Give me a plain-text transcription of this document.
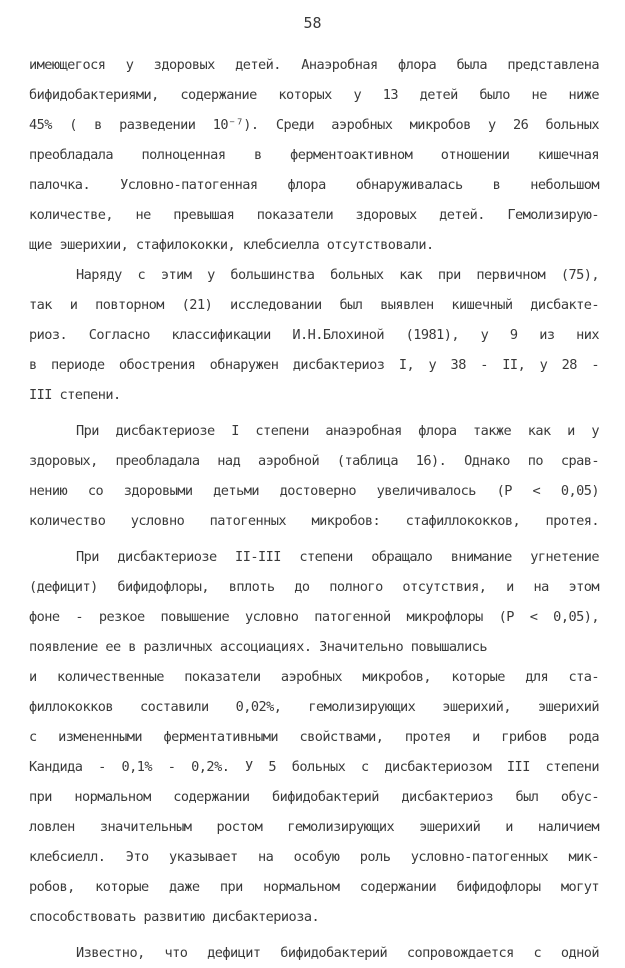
58
имеющегося у здоровых детей. Анаэробная флора была представлена
бифидобактериями, содержание которых у 13 детей было не ниже
45% ( в разведении 10⁻⁷). Среди аэробных микробов у 26 больных
преобладала полноценная в ферментоактивном отношении кишечная
палочка. Условно-патогенная флора обнаруживалась в небольшом
количестве, не превышая показатели здоровых детей. Гемолизирую-
щие эшерихии, стафилококки, клебсиелла отсутствовали.
Наряду с этим у большинства больных как при первичном (75),
так и повторном (21) исследовании был выявлен кишечный дисбакте-
риоз. Согласно классификации И.Н.Блохиной (1981), у 9 из них
в периоде обострения обнаружен дисбактериоз I, у 38 - II, у 28 -
III степени.
При дисбактериозе I степени анаэробная флора также как и у
здоровых, преобладала над аэробной (таблица 16). Однако по срав-
нению со здоровыми детьми достоверно увеличивалось (Р < 0,05)
количество условно патогенных микробов: стафиллококков, протея.
При дисбактериозе II-III степени обращало внимание угнетение
(дефицит) бифидофлоры, вплоть до полного отсутствия, и на этом
фоне - резкое повышение условно патогенной микрофлоры (Р < 0,05),
появление ее в различных ассоциациях. Значительно повышались
и количественные показатели аэробных микробов, которые для ста-
филлококков составили 0,02%, гемолизирующих эшерихий, эшерихий
с измененными ферментативными свойствами, протея и грибов рода
Кандида - 0,1% - 0,2%. У 5 больных с дисбактериозом III степени
при нормальном содержании бифидобактерий дисбактериоз был обус-
ловлен значительным ростом гемолизирующих эшерихий и наличием
клебсиелл. Это указывает на особую роль условно-патогенных мик-
робов, которые даже при нормальном содержании бифидофлоры могут
способствовать развитию дисбактериоза.
Известно, что дефицит бифидобактерий сопровождается с одной
